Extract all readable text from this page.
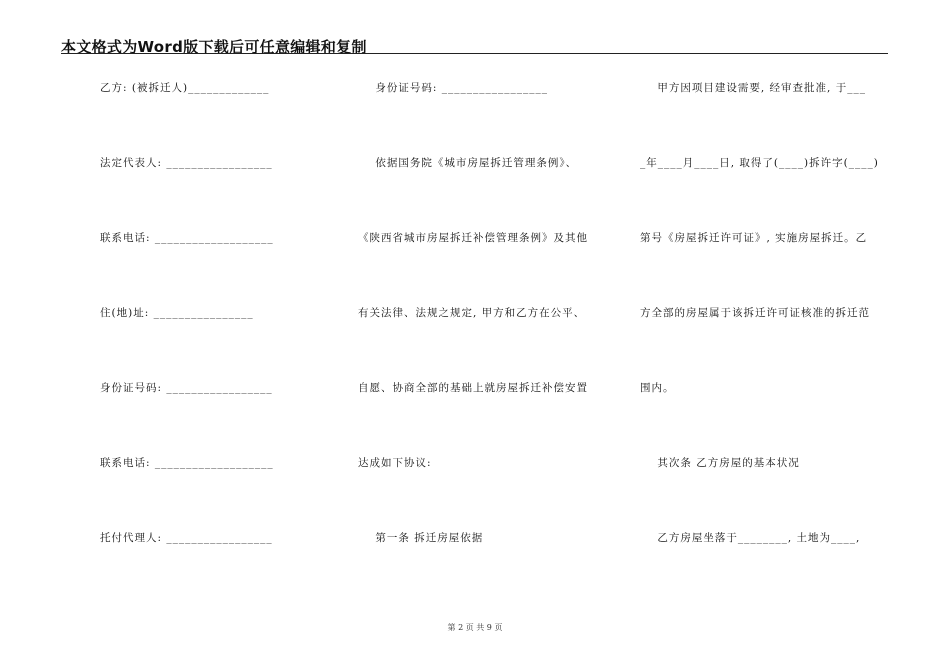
本文格式为Word版下载后可任意编辑和复制
乙方: (被拆迁人)_____________
法定代表人: _________________
联系电话: ___________________
住(地)址: ________________
身份证号码: _________________
联系电话: ___________________
托付代理人: _________________
身份证号码: _________________
依据国务院《城市房屋拆迁管理条例》、
《陕西省城市房屋拆迁补偿管理条例》及其他
有关法律、法规之规定, 甲方和乙方在公平、
自愿、协商全部的基础上就房屋拆迁补偿安置
达成如下协议:
第一条 拆迁房屋依据
甲方因项目建设需要, 经审查批准, 于___
_年____月____日, 取得了(____)拆许字(____)
第号《房屋拆迁许可证》, 实施房屋拆迁。乙
方全部的房屋属于该拆迁许可证核准的拆迁范
围内。
其次条 乙方房屋的基本状况
乙方房屋坐落于________, 土地为____,
第 2 页 共 9 页
